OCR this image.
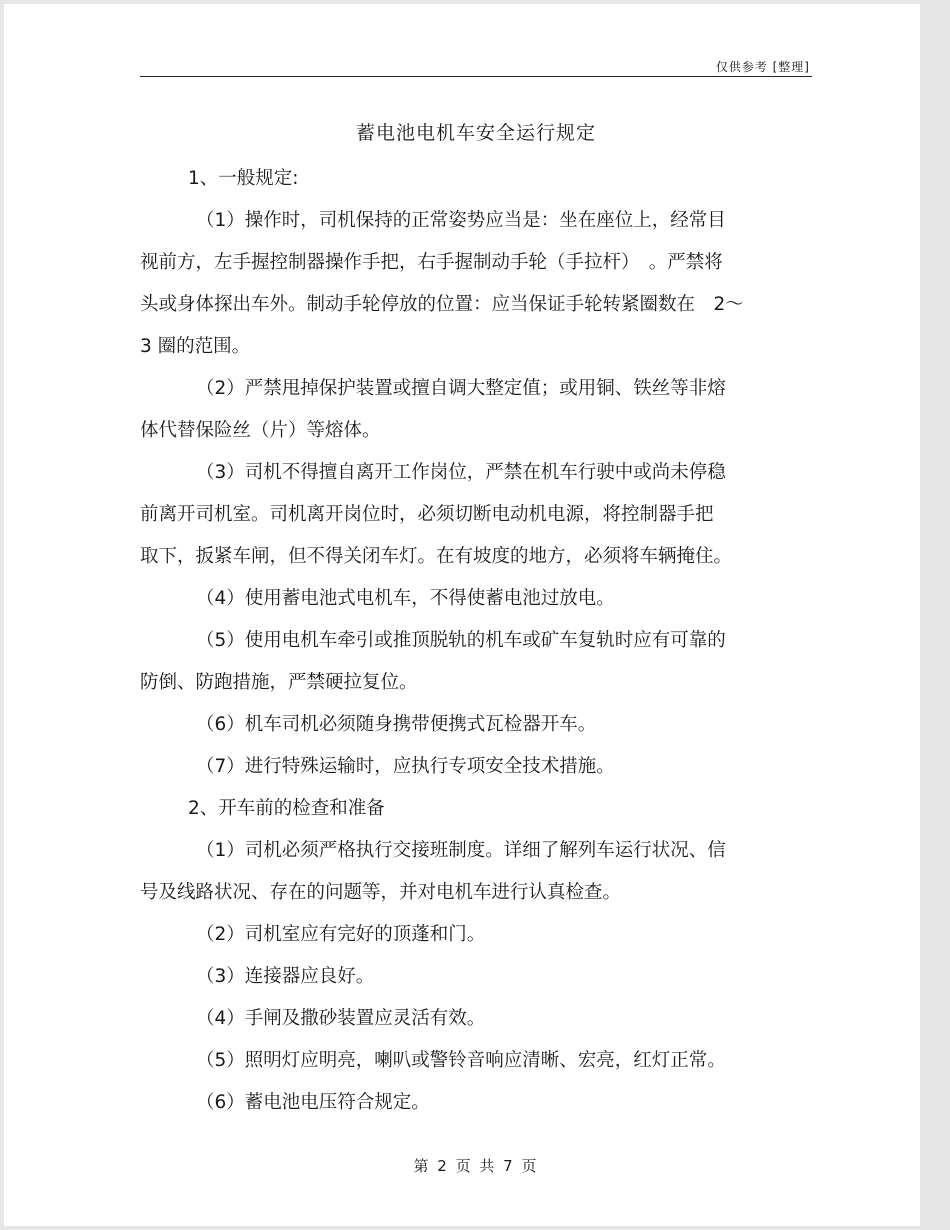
仅供参考 [整理]
蓄电池电机车安全运行规定
1、一般规定:
（1）操作时，司机保持的正常姿势应当是：坐在座位上，经常目
视前方，左手握控制器操作手把，右手握制动手轮（手拉杆）　。严禁将
头或身体探出车外。制动手轮停放的位置：应当保证手轮转紧圈数在　2～
3 圈的范围。
（2）严禁甩掉保护装置或擅自调大整定值；或用铜、铁丝等非熔
体代替保险丝（片）等熔体。
（3）司机不得擅自离开工作岗位，严禁在机车行驶中或尚未停稳
前离开司机室。司机离开岗位时，必须切断电动机电源，将控制器手把
取下，扳紧车闸，但不得关闭车灯。在有坡度的地方，必须将车辆掩住。
（4）使用蓄电池式电机车，不得使蓄电池过放电。
（5）使用电机车牵引或推顶脱轨的机车或矿车复轨时应有可靠的
防倒、防跑措施，严禁硬拉复位。
（6）机车司机必须随身携带便携式瓦检器开车。
（7）进行特殊运输时，应执行专项安全技术措施。
2、开车前的检查和准备
（1）司机必须严格执行交接班制度。详细了解列车运行状况、信
号及线路状况、存在的问题等，并对电机车进行认真检查。
（2）司机室应有完好的顶蓬和门。
（3）连接器应良好。
（4）手闸及撒砂装置应灵活有效。
（5）照明灯应明亮，喇叭或警铃音响应清晰、宏亮，红灯正常。
（6）蓄电池电压符合规定。
第 2 页 共 7 页
